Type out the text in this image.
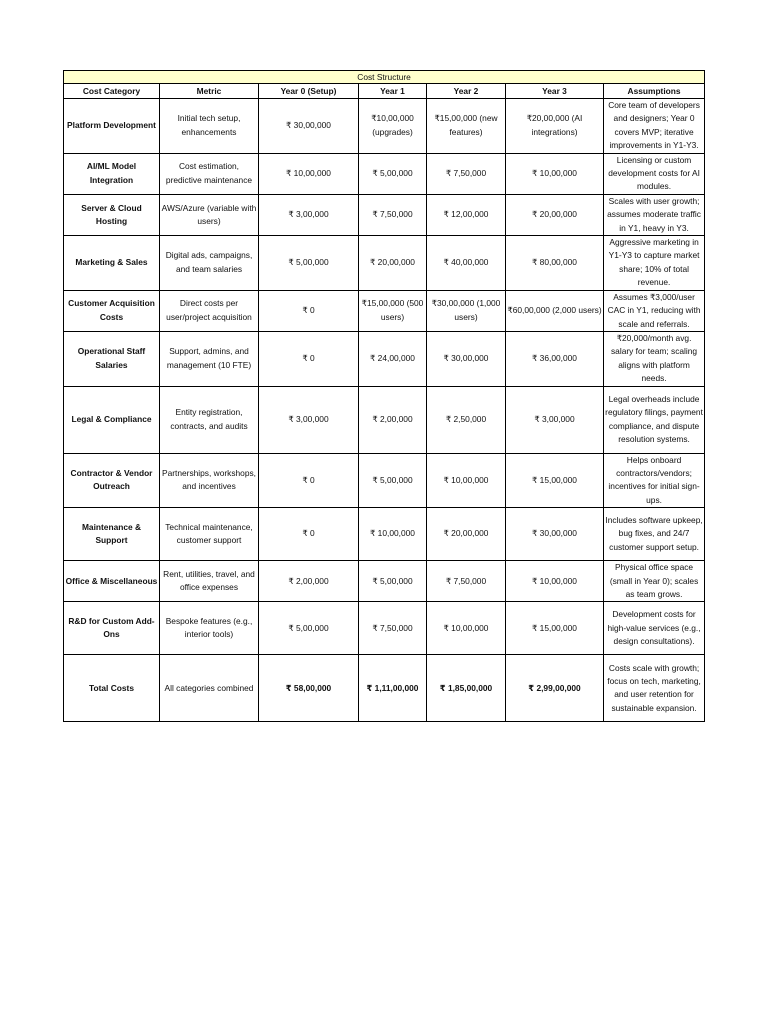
Cost Structure						
Cost Category	Metric	Year 0 (Setup)	Year 1	Year 2	Year 3	Assumptions
Platform Development	Initial tech setup, enhancements	₹ 30,00,000	₹10,00,000 (upgrades)	₹15,00,000 (new features)	₹20,00,000 (AI integrations)	Core team of developers and designers; Year 0 covers MVP; iterative improvements in Y1-Y3.
AI/ML Model Integration	Cost estimation, predictive maintenance	₹ 10,00,000	₹ 5,00,000	₹ 7,50,000	₹ 10,00,000	Licensing or custom development costs for AI modules.
Server & Cloud Hosting	AWS/Azure (variable with users)	₹ 3,00,000	₹ 7,50,000	₹ 12,00,000	₹ 20,00,000	Scales with user growth; assumes moderate traffic in Y1, heavy in Y3.
Marketing & Sales	Digital ads, campaigns, and team salaries	₹ 5,00,000	₹ 20,00,000	₹ 40,00,000	₹ 80,00,000	Aggressive marketing in Y1-Y3 to capture market share; 10% of total revenue.
Customer Acquisition Costs	Direct costs per user/project acquisition	₹ 0	₹15,00,000 (500 users)	₹30,00,000 (1,000 users)	₹60,00,000 (2,000 users)	Assumes ₹3,000/user CAC in Y1, reducing with scale and referrals.
Operational Staff Salaries	Support, admins, and management (10 FTE)	₹ 0	₹ 24,00,000	₹ 30,00,000	₹ 36,00,000	₹20,000/month avg. salary for team; scaling aligns with platform needs.
Legal & Compliance	Entity registration, contracts, and audits	₹ 3,00,000	₹ 2,00,000	₹ 2,50,000	₹ 3,00,000	Legal overheads include regulatory filings, payment compliance, and dispute resolution systems.
Contractor & Vendor Outreach	Partnerships, workshops, and incentives	₹ 0	₹ 5,00,000	₹ 10,00,000	₹ 15,00,000	Helps onboard contractors/vendors; incentives for initial sign-ups.
Maintenance & Support	Technical maintenance, customer support	₹ 0	₹ 10,00,000	₹ 20,00,000	₹ 30,00,000	Includes software upkeep, bug fixes, and 24/7 customer support setup.
Office & Miscellaneous	Rent, utilities, travel, and office expenses	₹ 2,00,000	₹ 5,00,000	₹ 7,50,000	₹ 10,00,000	Physical office space (small in Year 0); scales as team grows.
R&D for Custom Add-Ons	Bespoke features (e.g., interior tools)	₹ 5,00,000	₹ 7,50,000	₹ 10,00,000	₹ 15,00,000	Development costs for high-value services (e.g., design consultations).
Total Costs	All categories combined	₹ 58,00,000	₹ 1,11,00,000	₹ 1,85,00,000	₹ 2,99,00,000	Costs scale with growth; focus on tech, marketing, and user retention for sustainable expansion.
